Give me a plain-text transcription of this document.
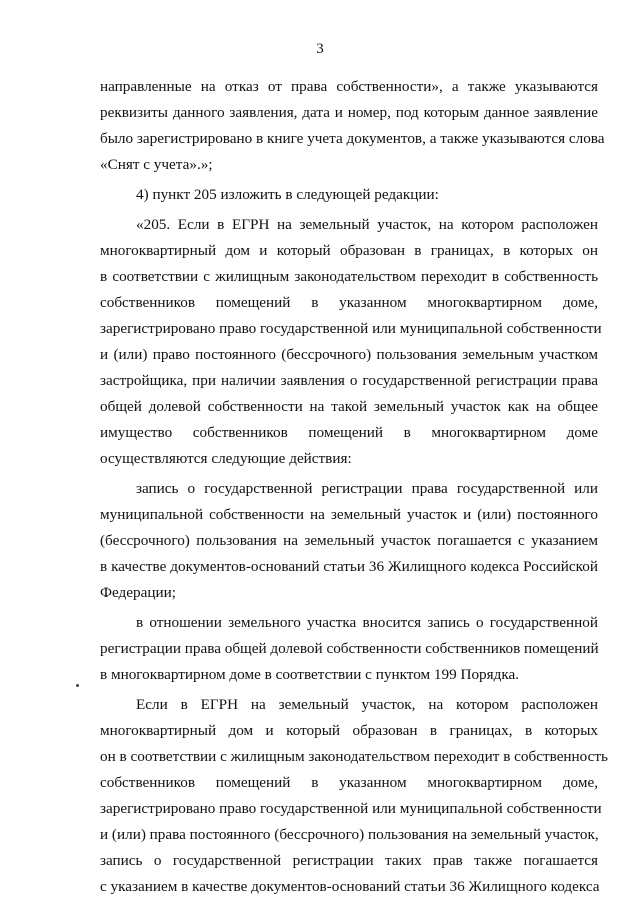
3
направленные на отказ от права собственности», а также указываются
реквизиты данного заявления, дата и номер, под которым данное заявление
было зарегистрировано в книге учета документов, а также указываются слова
«Снят с учета».»;
4) пункт 205 изложить в следующей редакции:
«205. Если в ЕГРН на земельный участок, на котором расположен
многоквартирный дом и который образован в границах, в которых он
в соответствии с жилищным законодательством переходит в собственность
собственников помещений в указанном многоквартирном доме,
зарегистрировано право государственной или муниципальной собственности
и (или) право постоянного (бессрочного) пользования земельным участком
застройщика, при наличии заявления о государственной регистрации права
общей долевой собственности на такой земельный участок как на общее
имущество собственников помещений в многоквартирном доме
осуществляются следующие действия:
запись о государственной регистрации права государственной или
муниципальной собственности на земельный участок и (или) постоянного
(бессрочного) пользования на земельный участок погашается с указанием
в качестве документов-оснований статьи 36 Жилищного кодекса Российской
Федерации;
в отношении земельного участка вносится запись о государственной
регистрации права общей долевой собственности собственников помещений
в многоквартирном доме в соответствии с пунктом 199 Порядка.
Если в ЕГРН на земельный участок, на котором расположен
многоквартирный дом и который образован в границах, в которых
он в соответствии с жилищным законодательством переходит в собственность
собственников помещений в указанном многоквартирном доме,
зарегистрировано право государственной или муниципальной собственности
и (или) права постоянного (бессрочного) пользования на земельный участок,
запись о государственной регистрации таких прав также погашается
с указанием в качестве документов-оснований статьи 36 Жилищного кодекса
